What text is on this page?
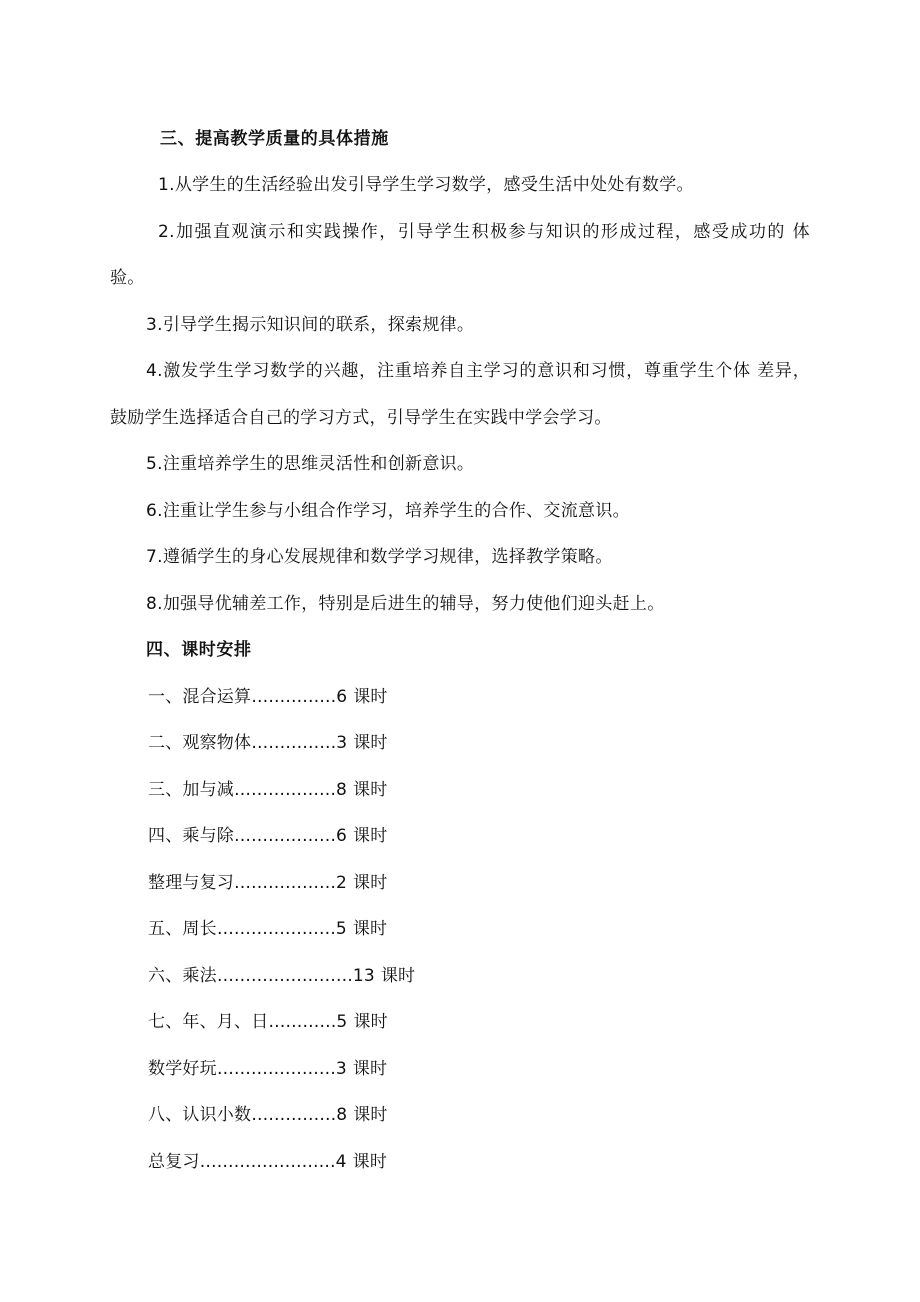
三、提高教学质量的具体措施
1.从学生的生活经验出发引导学生学习数学，感受生活中处处有数学。
2.加强直观演示和实践操作，引导学生积极参与知识的形成过程，感受成功的 体
验。
3.引导学生揭示知识间的联系，探索规律。
4.激发学生学习数学的兴趣，注重培养自主学习的意识和习惯，尊重学生个体 差异，
鼓励学生选择适合自己的学习方式，引导学生在实践中学会学习。
5.注重培养学生的思维灵活性和创新意识。
6.注重让学生参与小组合作学习，培养学生的合作、交流意识。
7.遵循学生的身心发展规律和数学学习规律，选择教学策略。
8.加强导优辅差工作，特别是后进生的辅导，努力使他们迎头赶上。
四、课时安排
一、混合运算……………6 课时
二、观察物体……………3 课时
三、加与减………………8 课时
四、乘与除………………6 课时
整理与复习………………2 课时
五、周长…………………5 课时
六、乘法……………………13 课时
七、年、月、日…………5 课时
数学好玩…………………3 课时
八、认识小数……………8 课时
总复习……………………4 课时
